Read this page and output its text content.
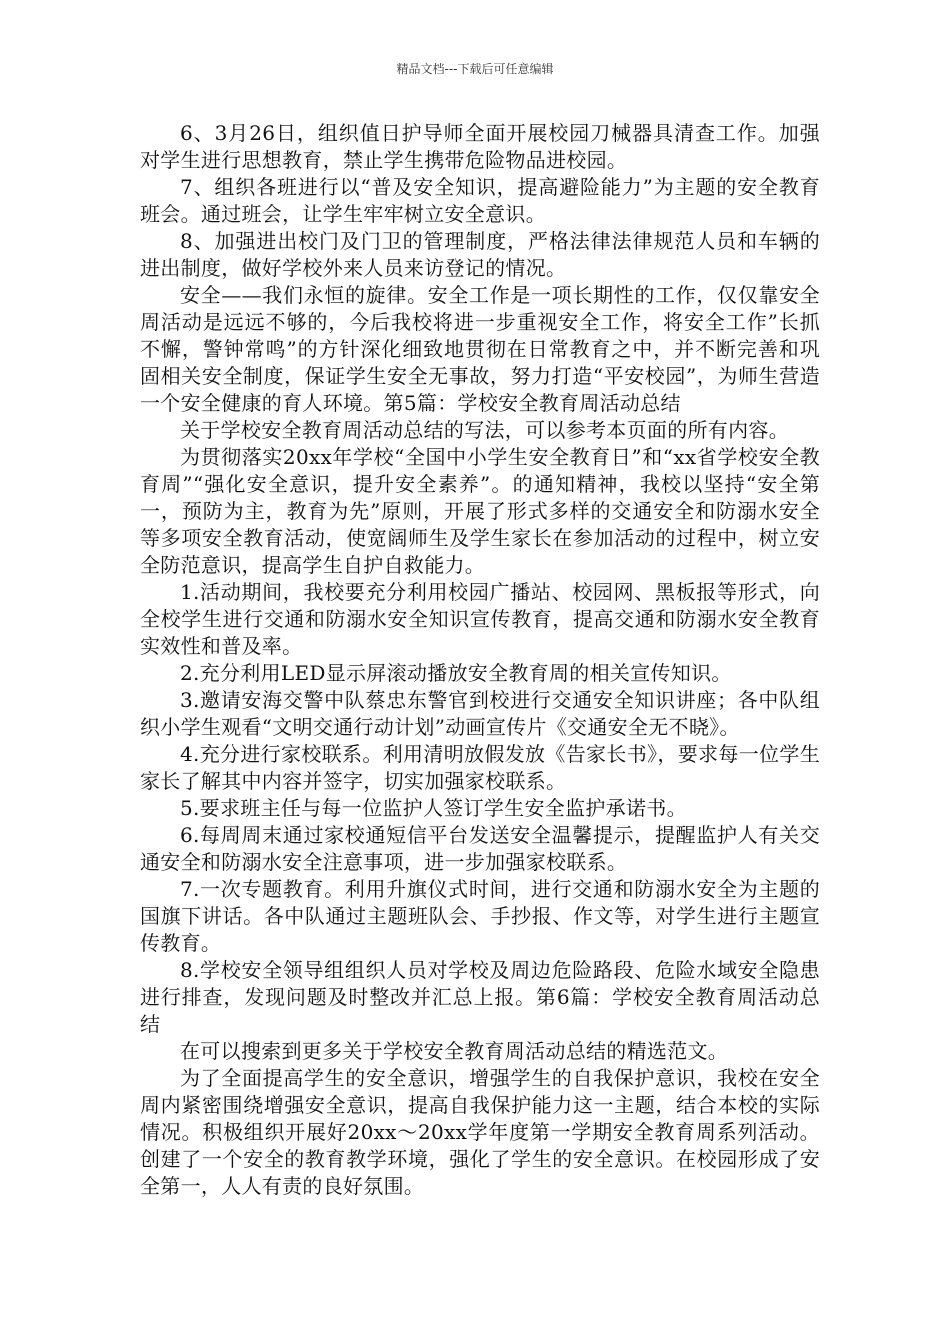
精品文档---下载后可任意编辑

6、3月26日，组织值日护导师全面开展校园刀械器具清查工作。加强对学生进行思想教育，禁止学生携带危险物品进校园。

7、组织各班进行以“普及安全知识，提高避险能力”为主题的安全教育班会。通过班会，让学生牢牢树立安全意识。

8、加强进出校门及门卫的管理制度，严格法律法律规范人员和车辆的进出制度，做好学校外来人员来访登记的情况。

安全——我们永恒的旋律。安全工作是一项长期性的工作，仅仅靠安全周活动是远远不够的，今后我校将进一步重视安全工作，将安全工作”长抓不懈，警钟常鸣”的方针深化细致地贯彻在日常教育之中，并不断完善和巩固相关安全制度，保证学生安全无事故，努力打造“平安校园”，为师生营造一个安全健康的育人环境。第5篇：学校安全教育周活动总结

关于学校安全教育周活动总结的写法，可以参考本页面的所有内容。

为贯彻落实20xx年学校“全国中小学生安全教育日”和“xx省学校安全教育周”“强化安全意识，提升安全素养”。的通知精神，我校以坚持“安全第一，预防为主，教育为先”原则，开展了形式多样的交通安全和防溺水安全等多项安全教育活动，使宽阔师生及学生家长在参加活动的过程中，树立安全防范意识，提高学生自护自救能力。

1.活动期间，我校要充分利用校园广播站、校园网、黑板报等形式，向全校学生进行交通和防溺水安全知识宣传教育，提高交通和防溺水安全教育实效性和普及率。

2.充分利用LED显示屏滚动播放安全教育周的相关宣传知识。

3.邀请安海交警中队蔡忠东警官到校进行交通安全知识讲座；各中队组织小学生观看“文明交通行动计划”动画宣传片《交通安全无不晓》。

4.充分进行家校联系。利用清明放假发放《告家长书》，要求每一位学生家长了解其中内容并签字，切实加强家校联系。

5.要求班主任与每一位监护人签订学生安全监护承诺书。

6.每周周末通过家校通短信平台发送安全温馨提示，提醒监护人有关交通安全和防溺水安全注意事项，进一步加强家校联系。

7.一次专题教育。利用升旗仪式时间，进行交通和防溺水安全为主题的国旗下讲话。各中队通过主题班队会、手抄报、作文等，对学生进行主题宣传教育。

8.学校安全领导组组织人员对学校及周边危险路段、危险水域安全隐患进行排查，发现问题及时整改并汇总上报。第6篇：学校安全教育周活动总结

在可以搜索到更多关于学校安全教育周活动总结的精选范文。

为了全面提高学生的安全意识，增强学生的自我保护意识，我校在安全周内紧密围绕增强安全意识，提高自我保护能力这一主题，结合本校的实际情况。积极组织开展好20xx～20xx学年度第一学期安全教育周系列活动。创建了一个安全的教育教学环境，强化了学生的安全意识。在校园形成了安全第一，人人有责的良好氛围。
